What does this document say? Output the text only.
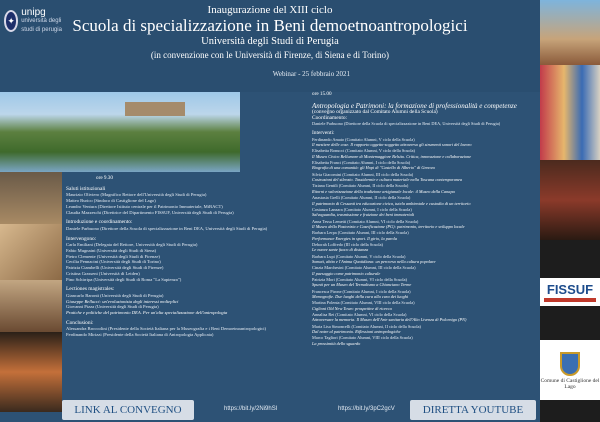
✦
unipg
università degli studi di perugia
Inaugurazione del XIII ciclo
Scuola di specializzazione in Beni demoetnoantropologici
Università degli Studi di Perugia
(in convenzione con le Università di Firenze, di Siena e di Torino)
Webinar - 25 febbraio 2021
FISSUF
Comune di Castiglione del Lago
ore 9.30
Saluti istituzionali
Maurizio Oliviero (Magnifico Rettore dell'Università degli Studi di Perugia)
Matteo Burico (Sindaco di Castiglione del Lago)
Leandro Ventura (Direttore Istituto centrale per il Patrimonio Immateriale, MiBACT)
Claudia Mazzeschi (Direttrice del Dipartimento FISSUF, Università degli Studi di Perugia)
Introduzione e coordinamento:
Daniele Parbuono (Direttore della Scuola di specializzazione in Beni DEA, Università degli Studi di Perugia)
Intervengono:
Carla Emiliani (Delegata del Rettore, Università degli Studi di Perugia)
Fabio Mugnaini (Università degli Studi di Siena)
Pietro Clemente (Università degli Studi di Firenze)
Cecilia Pennacini (Università degli Studi di Torino)
Patrizia Ciambelli (Università degli Studi di Firenze)
Cristina Grasseni (Università di Leiden)
Pino Schirripa (Università degli Studi di Roma "La Sapienza")
Lectiones magistrales:
Giancarlo Baronti (Università degli Studi di Perugia)
Giuseppe Bellucci: un'evoluzionista degli interessi molteplici
Giovanni Pizza (Università degli Studi di Perugia)
Pratiche e politiche del patrimonio DEA. Per un'alta specializzazione dell'antropologia
Conclusioni:
Alessandra Broccolini (Presidente della Società Italiana per la Museografia e i Beni Demoetnoantropologici)
Ferdinando Mirizzi (Presidente della Società Italiana di Antropologia Applicata)
ore 15.00
Antropologia e Patrimoni: la formazione di professionalità e competenze
(convegno organizzato dal Comitato Alumni della Scuola)
Coordinamento:
Daniele Parbuono (Direttore della Scuola di specializzazione in Beni DEA, Università degli Studi di Perugia)
Interventi:
Ferdinando Amato (Comitato Alumni, V ciclo della Scuola)
Il mestiere delle cose. Il rapporto oggetto-soggetto attraverso gli strumenti sonori del lavoro
Elisabetta Bonucci (Comitato Alumni, V ciclo della Scuola)
Il Museo Civico Bellumore di Montemaggiore Belsito. Critica, innovazione e collaborazione
Elisabetta Franci (Comitato Alumni, I ciclo della Scuola)
Biografia di una comunità: gli Hopi di "Castello di Alberto" di Genova
Silvia Giacomini (Comitato Alumni, III ciclo della Scuola)
Costruzioni del silenzio. Tassidermie e cultura materiale nella Toscana contemporanea
Tiziana Gentili (Comitato Alumni, II ciclo della Scuola)
Ritorni e valorizzazione della tradizione artigianale locale: il Museo della Canapa
Anastasia Grelli (Comitato Alumni, II ciclo della Scuola)
Il patrimonio di Cessanti tra educazione civica, tutela ambientale e custodia di un territorio
Costanza Lanzara (Comitato Alumni, I ciclo della Scuola)
Salvaguardia, trasmissione e fruizione dei beni immateriali
Anna Tessa Lemetti (Comitato Alumni, VI ciclo della Scuola)
Il Museo della Pastorizia e Caseificazione (PG): patrimonio, territorio e sviluppo locale
Barbara Lerpa (Comitato Alumni, III ciclo della Scuola)
Performance Energies in sport. Il girio, la parola
Deborah Loffredo (III ciclo della Scuola)
Le nuove sante fuoco di distanza
Barbara Lupi (Comitato Alumni, V ciclo della Scuola)
Somati, abito e l'Anima Quotidiana: un percorso nella cultura popolare
Cinzia Marchesini (Comitato Alumni, III ciclo della Scuola)
Il paesaggio come patrimonio culturale
Patrizia Mori (Comitato Alumni, VI ciclo della Scuola)
Spunti per un Museo del Termalismo a Chianciano Terme
Francesca Pirone (Comitato Alumni, I ciclo della Scuola)
Memografie. Due luoghi della cura alla cura dei luoghi
Martina Polenta (Comitato Alumni, VIII ciclo della Scuola)
Ciglioni Old New Town: prospettive di ricerca
Annalisa Rei (Comitato Alumni, VI ciclo della Scuola)
Attraversare la memoria. Il Museo dell'Arte sanitaria dell'Alto Livenza di Polcenigo (PN)
Maria Lisa Simoncelli (Comitato Alumni, II ciclo della Scuola)
Dal notre al patrimonio. Riflessioni antropologiche
Marco Tagliori (Comitato Alumni, VIII ciclo della Scuola)
La prossimità dello sguardo
LINK AL CONVEGNO	https://bit.ly/2Ni9hSl	https://bit.ly/3pC2gcV	DIRETTA YOUTUBE
